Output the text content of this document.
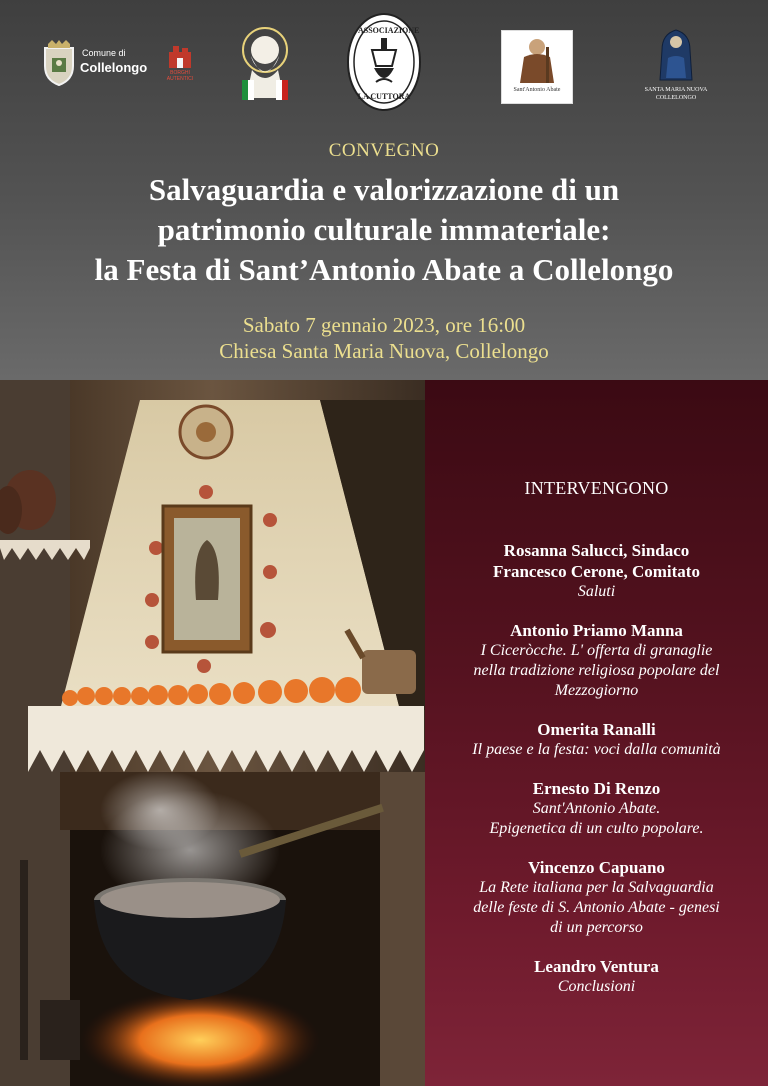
Comune di
Collelongo	BORGHI AUTENTICI
ASSOCIAZIONE
LA CUTTORA
Sant'Antonio Abate	SANTA MARIA NUOVA
COLLELONGO
CONVEGNO
Salvaguardia e valorizzazione di un
patrimonio culturale immateriale:
la Festa di Sant’Antonio Abate a Collelongo
Sabato 7 gennaio 2023, ore 16:00
Chiesa Santa Maria Nuova, Collelongo
INTERVENGONO
Rosanna Salucci, Sindaco
Francesco Cerone, Comitato
Saluti
Antonio Priamo Manna
I Ciceròcche. L' offerta di granaglie
nella tradizione religiosa popolare del
Mezzogiorno
Omerita Ranalli
Il paese e la festa: voci dalla comunità
Ernesto Di Renzo
Sant'Antonio Abate.
Epigenetica di un culto popolare.
Vincenzo Capuano
La Rete italiana per la Salvaguardia
delle feste di S. Antonio Abate - genesi
di un percorso
Leandro Ventura
Conclusioni
